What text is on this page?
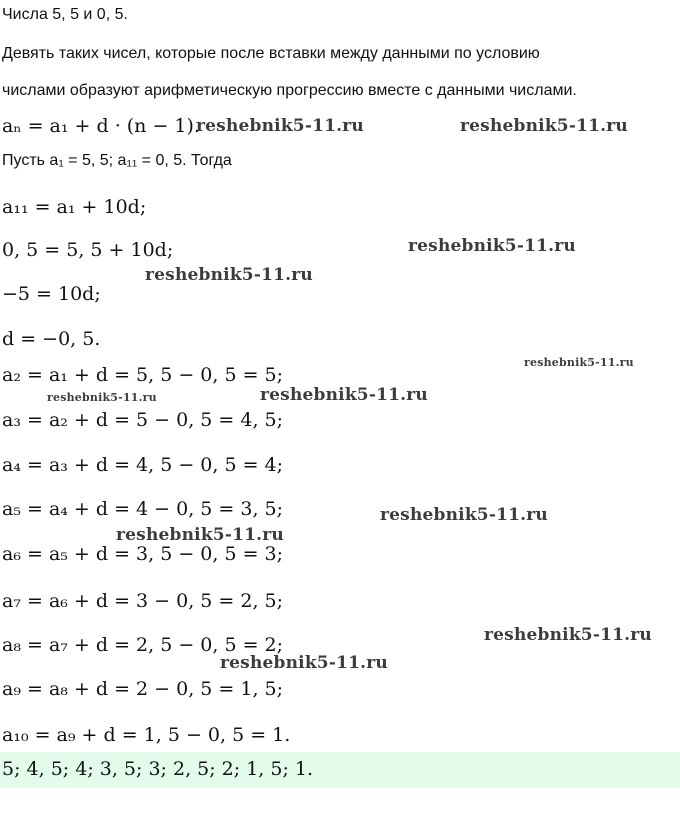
Числа 5, 5 и 0, 5.
Девять таких чисел, которые после вставки между данными по условию
числами образуют арифметическую прогрессию вместе с данными числами.
aₙ = a₁ + d · (n − 1).
Пусть a₁ = 5, 5; a₁₁ = 0, 5. Тогда
a₁₁ = a₁ + 10d;
0, 5 = 5, 5 + 10d;
−5 = 10d;
d = −0, 5.
a₂ = a₁ + d = 5, 5 − 0, 5 = 5;
a₃ = a₂ + d = 5 − 0, 5 = 4, 5;
a₄ = a₃ + d = 4, 5 − 0, 5 = 4;
a₅ = a₄ + d = 4 − 0, 5 = 3, 5;
a₆ = a₅ + d = 3, 5 − 0, 5 = 3;
a₇ = a₆ + d = 3 − 0, 5 = 2, 5;
a₈ = a₇ + d = 2, 5 − 0, 5 = 2;
a₉ = a₈ + d = 2 − 0, 5 = 1, 5;
a₁₀ = a₉ + d = 1, 5 − 0, 5 = 1.
5; 4, 5; 4; 3, 5; 3; 2, 5; 2; 1, 5; 1.
reshebnik5-11.ru	reshebnik5-11.ru
reshebnik5-11.ru
reshebnik5-11.ru
reshebnik5-11.ru
reshebnik5-11.ru	reshebnik5-11.ru
reshebnik5-11.ru
reshebnik5-11.ru
reshebnik5-11.ru
reshebnik5-11.ru
